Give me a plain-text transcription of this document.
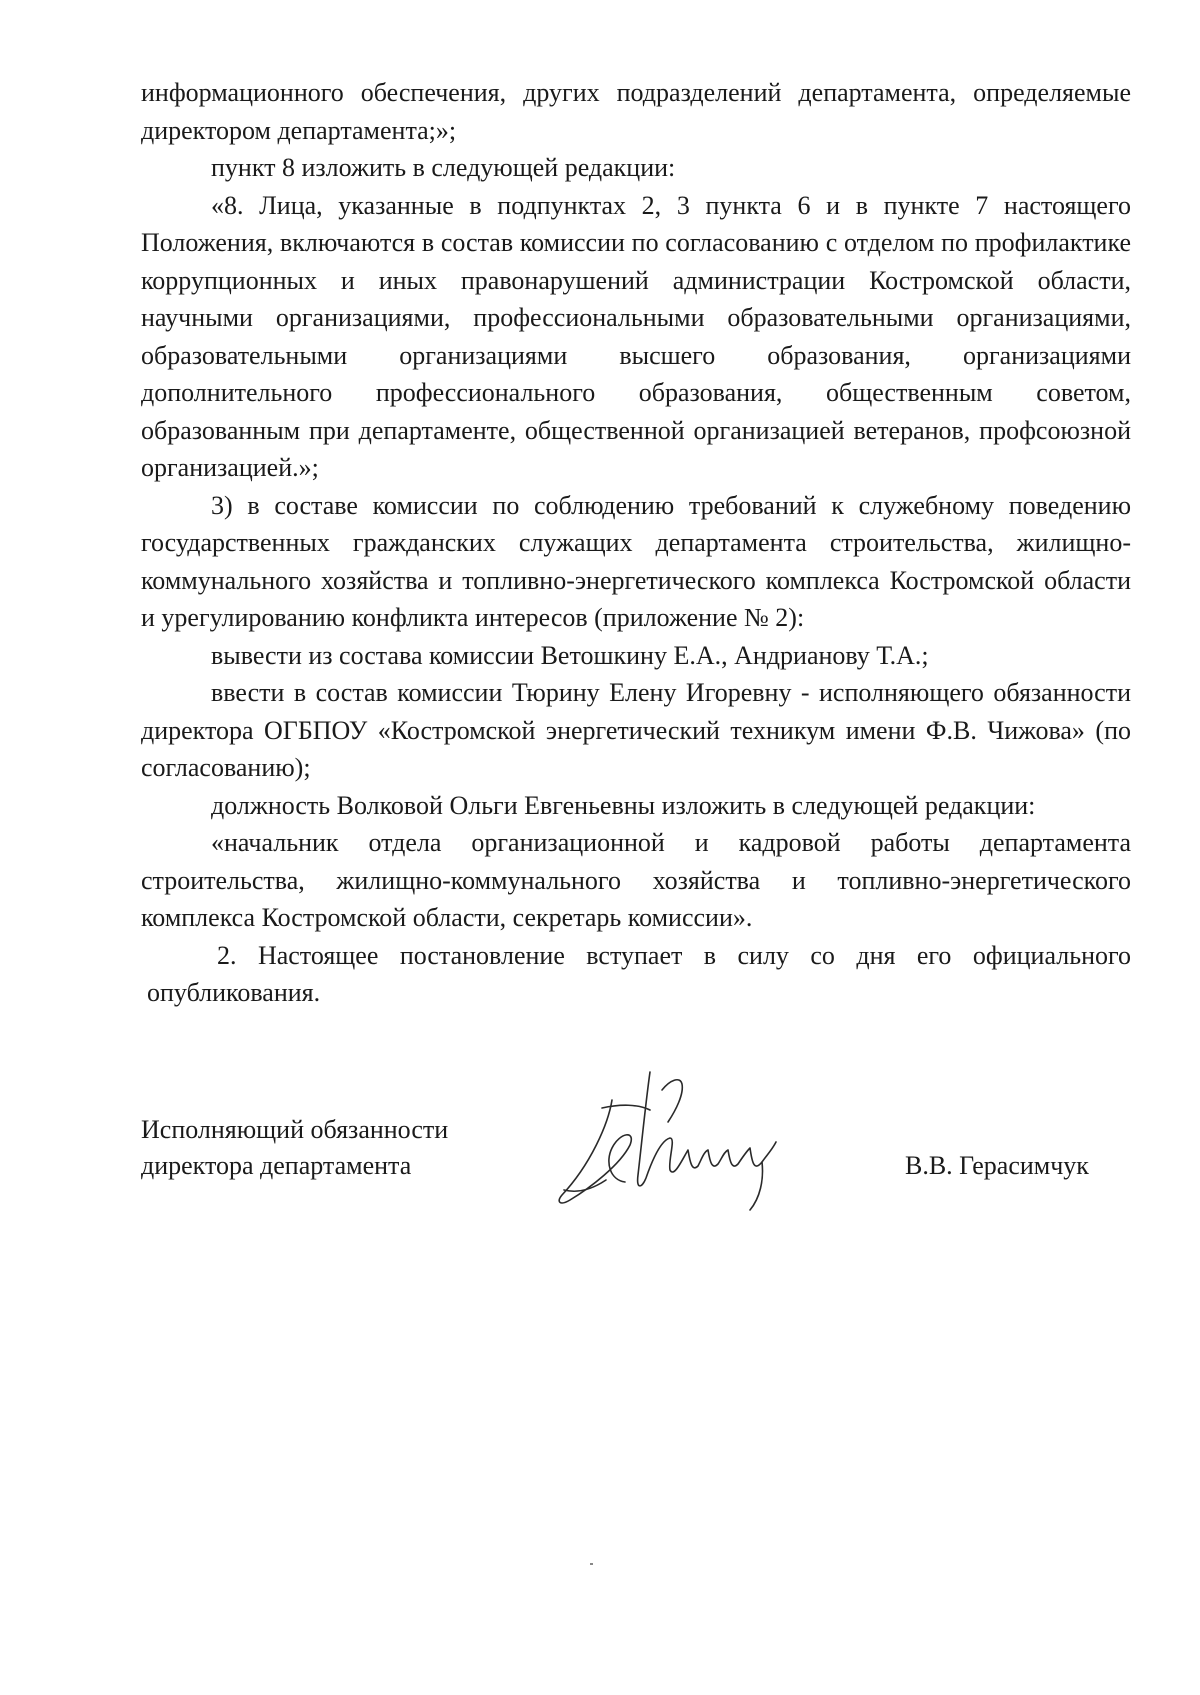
информационного обеспечения, других подразделений департамента, определяемые директором департамента;»;

пункт 8 изложить в следующей редакции:

«8. Лица, указанные в подпунктах 2, 3 пункта 6 и в пункте 7 настоящего Положения, включаются в состав комиссии по согласованию с отделом по профилактике коррупционных и иных правонарушений администрации Костромской области, научными организациями, профессиональными образовательными организациями, образовательными организациями высшего образования, организациями дополнительного профессионального образования, общественным советом, образованным при департаменте, общественной организацией ветеранов, профсоюзной организацией.»;

3) в составе комиссии по соблюдению требований к служебному поведению государственных гражданских служащих департамента строительства, жилищно-коммунального хозяйства и топливно-энергетического комплекса Костромской области и урегулированию конфликта интересов (приложение № 2):

вывести из состава комиссии Ветошкину Е.А., Андрианову Т.А.;

ввести в состав комиссии Тюрину Елену Игоревну - исполняющего обязанности директора ОГБПОУ «Костромской энергетический техникум имени Ф.В. Чижова» (по согласованию);

должность Волковой Ольги Евгеньевны изложить в следующей редакции:

«начальник отдела организационной и кадровой работы департамента строительства, жилищно-коммунального хозяйства и топливно-энергетического комплекса Костромской области, секретарь комиссии».

2. Настоящее постановление вступает в силу со дня его официального опубликования.

Исполняющий обязанности
директора департамента	В.В. Герасимчук
